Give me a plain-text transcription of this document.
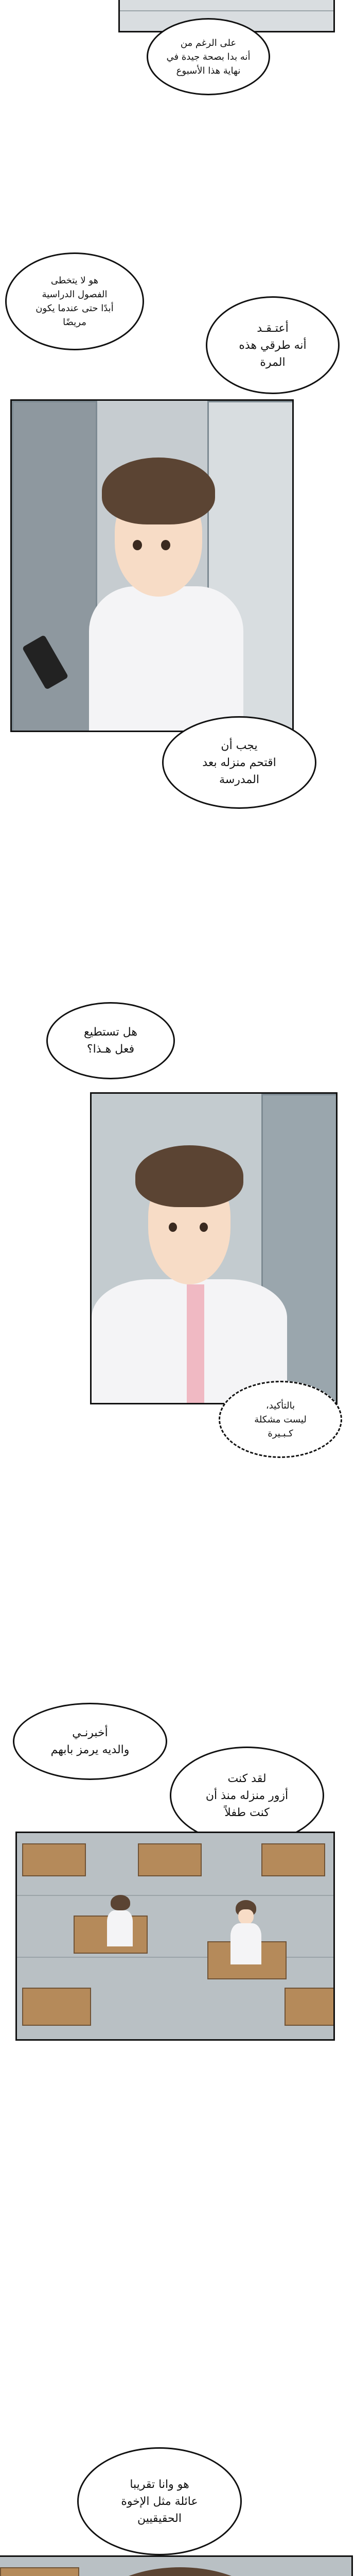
على الرغم من
أنه بدا بصحة جيدة في
نهاية هذا الأسبوع
هو لا يتخطى
الفصول الدراسية
أبدًا حتى عندما يكون
مريضًا	أعتـقـد
أنه طرقي هذه
المرة
يجب أن
اقتحم منزله بعد
المدرسة
هل تستطيع
فعل هـذا؟
بالتأكيد،
ليست مشكلة
كـبـيرة
أخبرنـي
والديه يرمز بابهم
لقد كنت
أزور منزله منذ أن
كنت طفلاً
هو وانا تقريبا
عائلة مثل الإخوة
الحقيقيين
